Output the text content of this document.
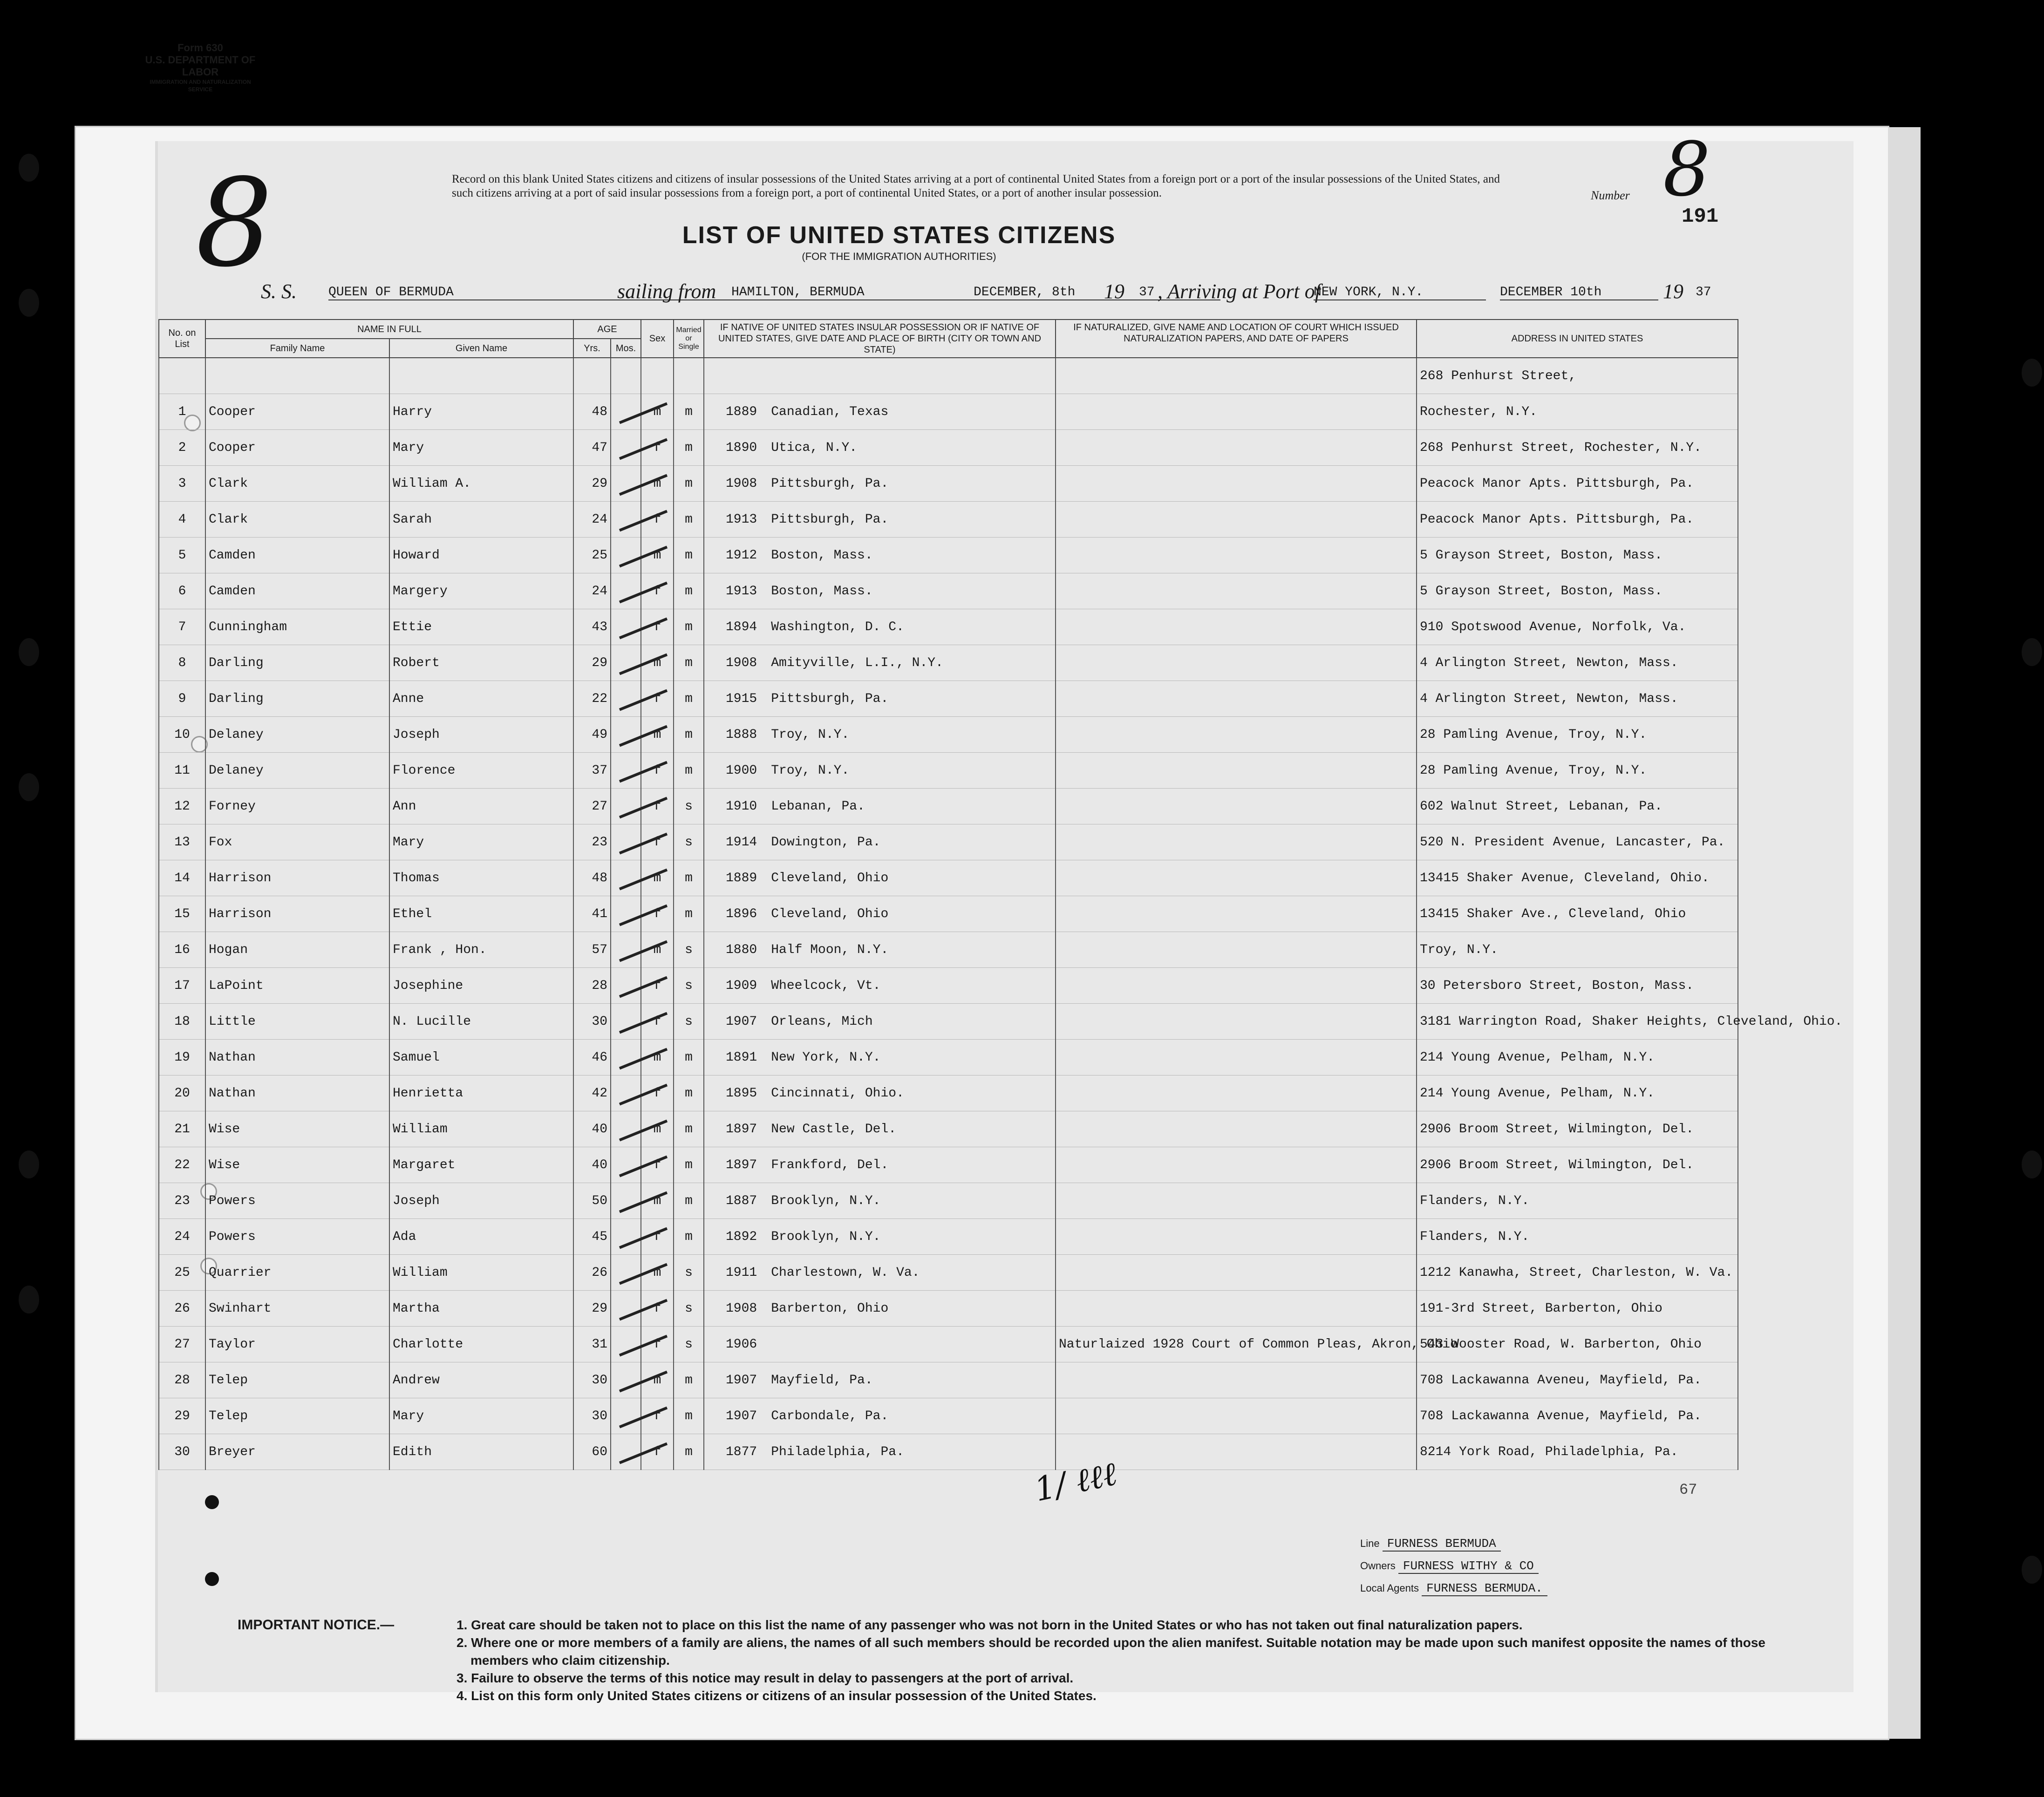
8
Form 630
U.S. DEPARTMENT OF LABOR
IMMIGRATION AND NATURALIZATION SERVICE
Record on this blank United States citizens and citizens of insular possessions of the United States arriving at a port of continental United States from a foreign port or a port of the insular possessions of the United States, and such citizens arriving at a port of said insular possessions from a foreign port, a port of continental United States, or a port of another insular possession.
LIST OF UNITED STATES CITIZENS
(FOR THE IMMIGRATION AUTHORITIES)
Number 8
191
S. S. QUEEN OF BERMUDA	sailing from HAMILTON, BERMUDA	DECEMBER, 8th	19 37 , Arriving at Port of
NEW YORK, N.Y.	DECEMBER 10th	19 37
No. on List	NAME IN FULL		AGE		Sex	Married or Single	IF NATIVE OF UNITED STATES INSULAR POSSESSION OR IF NATIVE OF UNITED STATES, GIVE DATE AND PLACE OF BIRTH (CITY OR TOWN AND STATE)	IF NATURALIZED, GIVE NAME AND LOCATION OF COURT WHICH ISSUED NATURALIZATION PAPERS, AND DATE OF PAPERS	ADDRESS IN UNITED STATES
	Family Name	Given Name	Yrs.	Mos.					
									268 Penhurst Street,
1	Cooper	Harry	48		m	m	1889 Canadian, Texas		Rochester, N.Y.
2	Cooper	Mary	47		f	m	1890 Utica, N.Y.		268 Penhurst Street, Rochester, N.Y.
3	Clark	William A.	29		m	m	1908 Pittsburgh, Pa.		Peacock Manor Apts. Pittsburgh, Pa.
4	Clark	Sarah	24		f	m	1913 Pittsburgh, Pa.		Peacock Manor Apts. Pittsburgh, Pa.
5	Camden	Howard	25		m	m	1912 Boston, Mass.		5 Grayson Street, Boston, Mass.
6	Camden	Margery	24		f	m	1913 Boston, Mass.		5 Grayson Street, Boston, Mass.
7	Cunningham	Ettie	43		f	m	1894 Washington, D. C.		910 Spotswood Avenue, Norfolk, Va.
8	Darling	Robert	29		m	m	1908 Amityville, L.I., N.Y.		4 Arlington Street, Newton, Mass.
9	Darling	Anne	22		f	m	1915 Pittsburgh, Pa.		4 Arlington Street, Newton, Mass.
10	Delaney	Joseph	49		m	m	1888 Troy, N.Y.		28 Pamling Avenue, Troy, N.Y.
11	Delaney	Florence	37		f	m	1900 Troy, N.Y.		28 Pamling Avenue, Troy, N.Y.
12	Forney	Ann	27		f	s	1910 Lebanan, Pa.		602 Walnut Street, Lebanan, Pa.
13	Fox	Mary	23		f	s	1914 Dowington, Pa.		520 N. President Avenue, Lancaster, Pa.
14	Harrison	Thomas	48		m	m	1889 Cleveland, Ohio		13415 Shaker Avenue, Cleveland, Ohio.
15	Harrison	Ethel	41		f	m	1896 Cleveland, Ohio		13415 Shaker Ave., Cleveland, Ohio
16	Hogan	Frank , Hon.	57		m	s	1880 Half Moon, N.Y.		Troy, N.Y.
17	LaPoint	Josephine	28		f	s	1909 Wheelcock, Vt.		30 Petersboro Street, Boston, Mass.
18	Little	N. Lucille	30		f	s	1907 Orleans, Mich		3181 Warrington Road, Shaker Heights, Cleveland, Ohio.
19	Nathan	Samuel	46		m	m	1891 New York, N.Y.		214 Young Avenue, Pelham, N.Y.
20	Nathan	Henrietta	42		f	m	1895 Cincinnati, Ohio.		214 Young Avenue, Pelham, N.Y.
21	Wise	William	40		m	m	1897 New Castle, Del.		2906 Broom Street, Wilmington, Del.
22	Wise	Margaret	40		f	m	1897 Frankford, Del.		2906 Broom Street, Wilmington, Del.
23	Powers	Joseph	50		m	m	1887 Brooklyn, N.Y.		Flanders, N.Y.
24	Powers	Ada	45		f	m	1892 Brooklyn, N.Y.		Flanders, N.Y.
25	Quarrier	William	26		m	s	1911 Charlestown, W. Va.		1212 Kanawha, Street, Charleston, W. Va.
26	Swinhart	Martha	29		f	s	1908 Barberton, Ohio		191-3rd Street, Barberton, Ohio
27	Taylor	Charlotte	31		f	s	1906	Naturlaized 1928 Court of Common Pleas, Akron, Ohio	543 Wooster Road, W. Barberton, Ohio
28	Telep	Andrew	30		m	m	1907 Mayfield, Pa.		708 Lackawanna Aveneu, Mayfield, Pa.
29	Telep	Mary	30		f	m	1907 Carbondale, Pa.		708 Lackawanna Avenue, Mayfield, Pa.
30	Breyer	Edith	60		f	m	1877 Philadelphia, Pa.		8214 York Road, Philadelphia, Pa.
67
1/ ℓℓℓ
Line FURNESS BERMUDA
Owners FURNESS WITHY & CO
Local Agents FURNESS BERMUDA.
IMPORTANT NOTICE.—	1. Great care should be taken not to place on this list the name of any passenger who was not born in the United States or who has not taken out final naturalization papers.
2. Where one or more members of a family are aliens, the names of all such members should be recorded upon the alien manifest. Suitable notation may be made upon such manifest opposite the names of those members who claim citizenship.
3. Failure to observe the terms of this notice may result in delay to passengers at the port of arrival.
4. List on this form only United States citizens or citizens of an insular possession of the United States.
